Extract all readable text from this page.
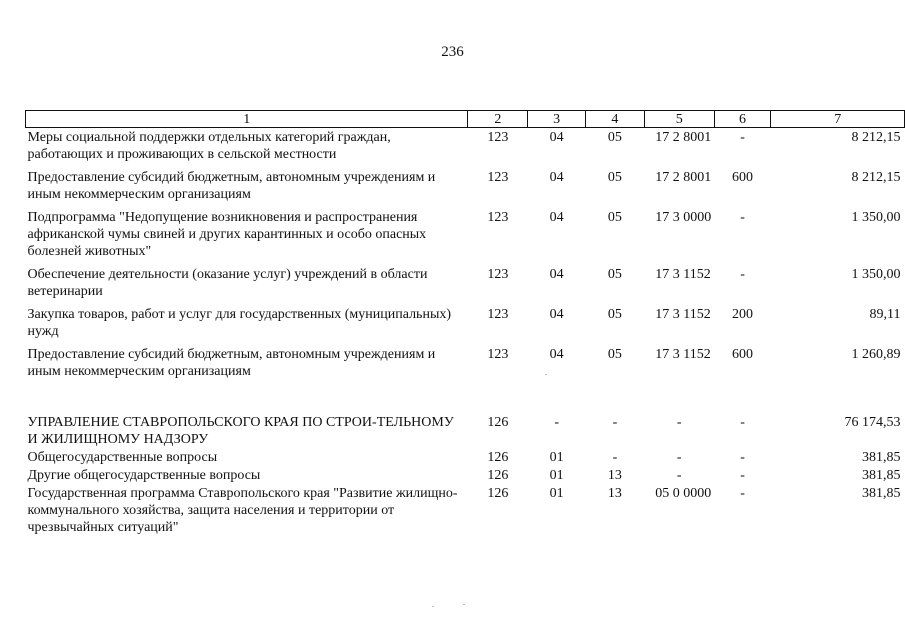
236
1	2	3	4	5	6	7
Меры социальной поддержки отдельных категорий граждан, работающих и проживающих в сельской местности	123	04	05	17 2 8001	-	8 212,15
Предоставление субсидий бюджетным, автономным учреждениям и иным некоммерческим организациям	123	04	05	17 2 8001	600	8 212,15
Подпрограмма "Недопущение возникновения и распространения африканской чумы свиней и других карантинных и особо опасных болезней животных"	123	04	05	17 3 0000	-	1 350,00
Обеспечение деятельности (оказание услуг) учреждений в области ветеринарии	123	04	05	17 3 1152	-	1 350,00
Закупка товаров, работ и услуг для государственных (муниципальных) нужд	123	04	05	17 3 1152	200	89,11
Предоставление субсидий бюджетным, автономным учреждениям и иным некоммерческим организациям	123	04	05	17 3 1152	600	1 260,89

УПРАВЛЕНИЕ СТАВРОПОЛЬСКОГО КРАЯ ПО СТРОИ-ТЕЛЬНОМУ И ЖИЛИЩНОМУ НАДЗОРУ	126	-	-	-	-	76 174,53
Общегосударственные вопросы	126	01	-	-	-	381,85
Другие общегосударственные вопросы	126	01	13	-	-	381,85
Государственная программа Ставропольского края "Развитие жилищно-коммунального хозяйства, защита населения и территории от чрезвычайных ситуаций"	126	01	13	05 0 0000	-	381,85
